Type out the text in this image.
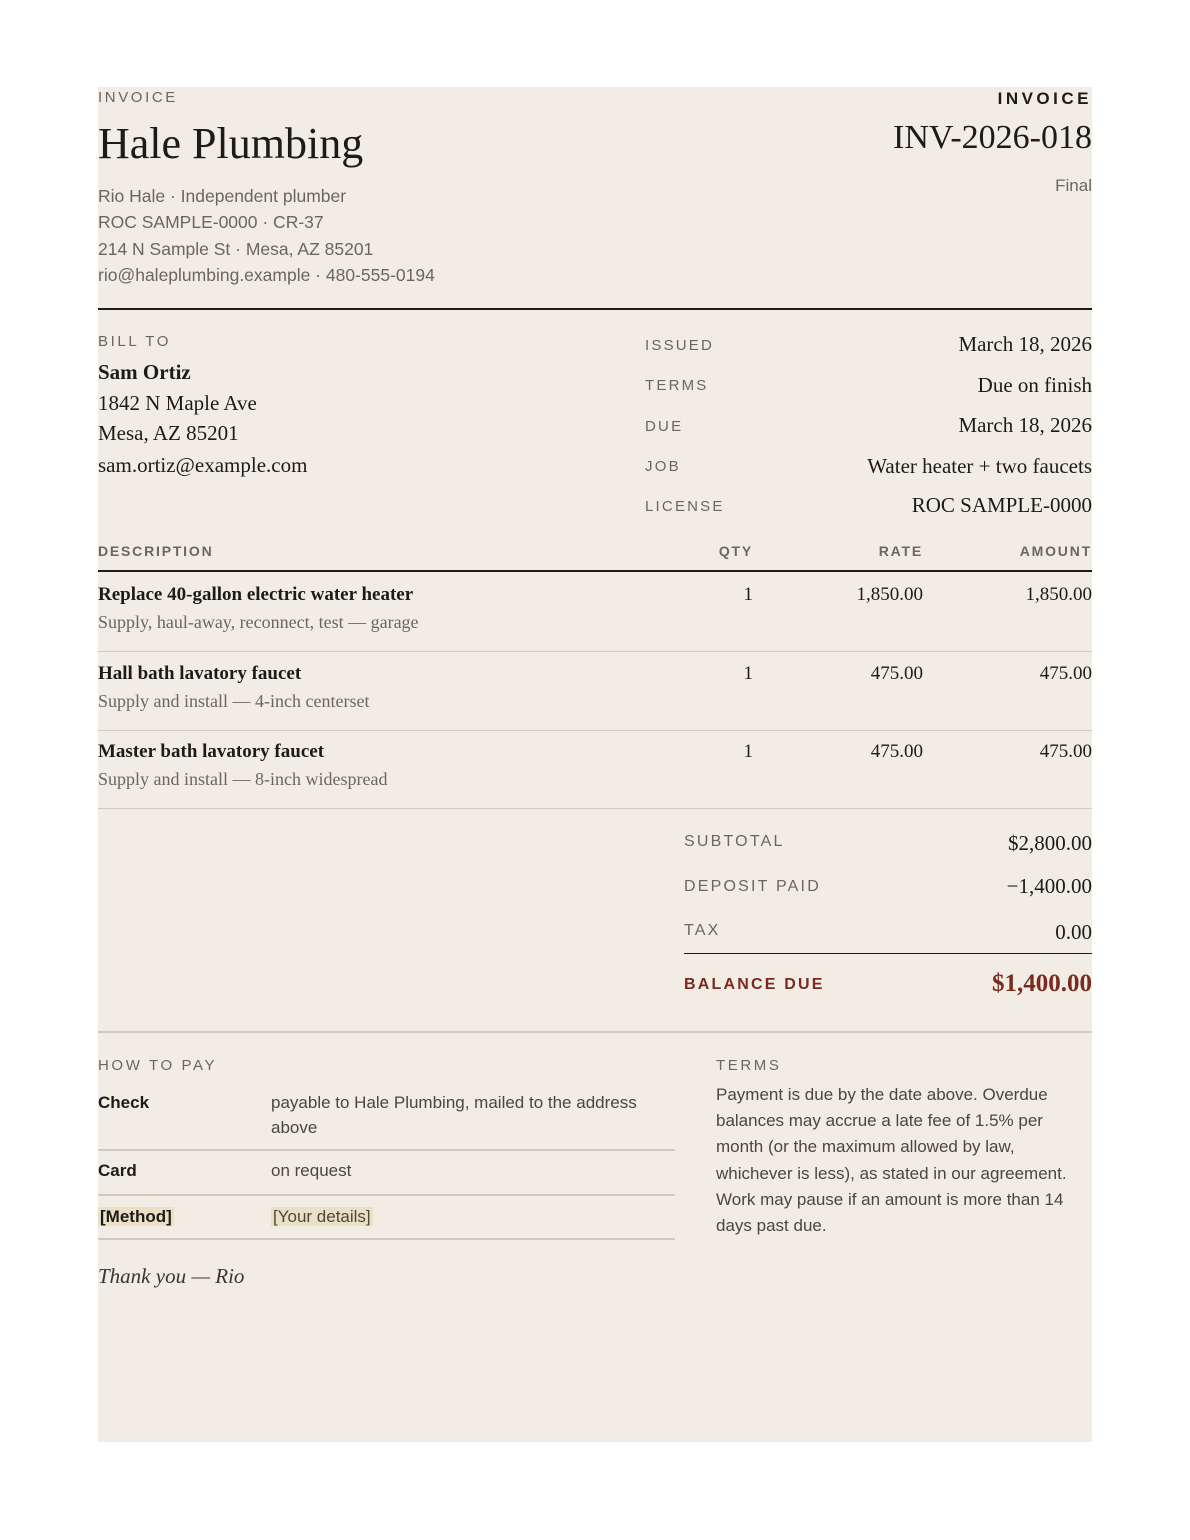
INVOICE
Hale Plumbing
Rio Hale · Independent plumber
ROC SAMPLE-0000 · CR-37
214 N Sample St · Mesa, AZ 85201
rio@haleplumbing.example · 480-555-0194
INVOICE
INV-2026-018
Final
BILL TO
Sam Ortiz
1842 N Maple Ave
Mesa, AZ 85201
sam.ortiz@example.com
ISSUED	March 18, 2026
TERMS	Due on finish
DUE	March 18, 2026
JOB	Water heater + two faucets
LICENSE	ROC SAMPLE-0000
DESCRIPTION	QTY	RATE	AMOUNT
Replace 40-gallon electric water heater
Supply, haul-away, reconnect, test — garage
1	1,850.00	1,850.00
Hall bath lavatory faucet
Supply and install — 4-inch centerset
1	475.00	475.00
Master bath lavatory faucet
Supply and install — 8-inch widespread
1	475.00	475.00
SUBTOTAL	$2,800.00
DEPOSIT PAID	−1,400.00
TAX	0.00
BALANCE DUE	$1,400.00
HOW TO PAY
Check	payable to Hale Plumbing, mailed to the address above
Card	on request
[Method]	[Your details]
Thank you — Rio
TERMS
Payment is due by the date above. Overdue balances may accrue a late fee of 1.5% per month (or the maximum allowed by law, whichever is less), as stated in our agreement. Work may pause if an amount is more than 14 days past due.
